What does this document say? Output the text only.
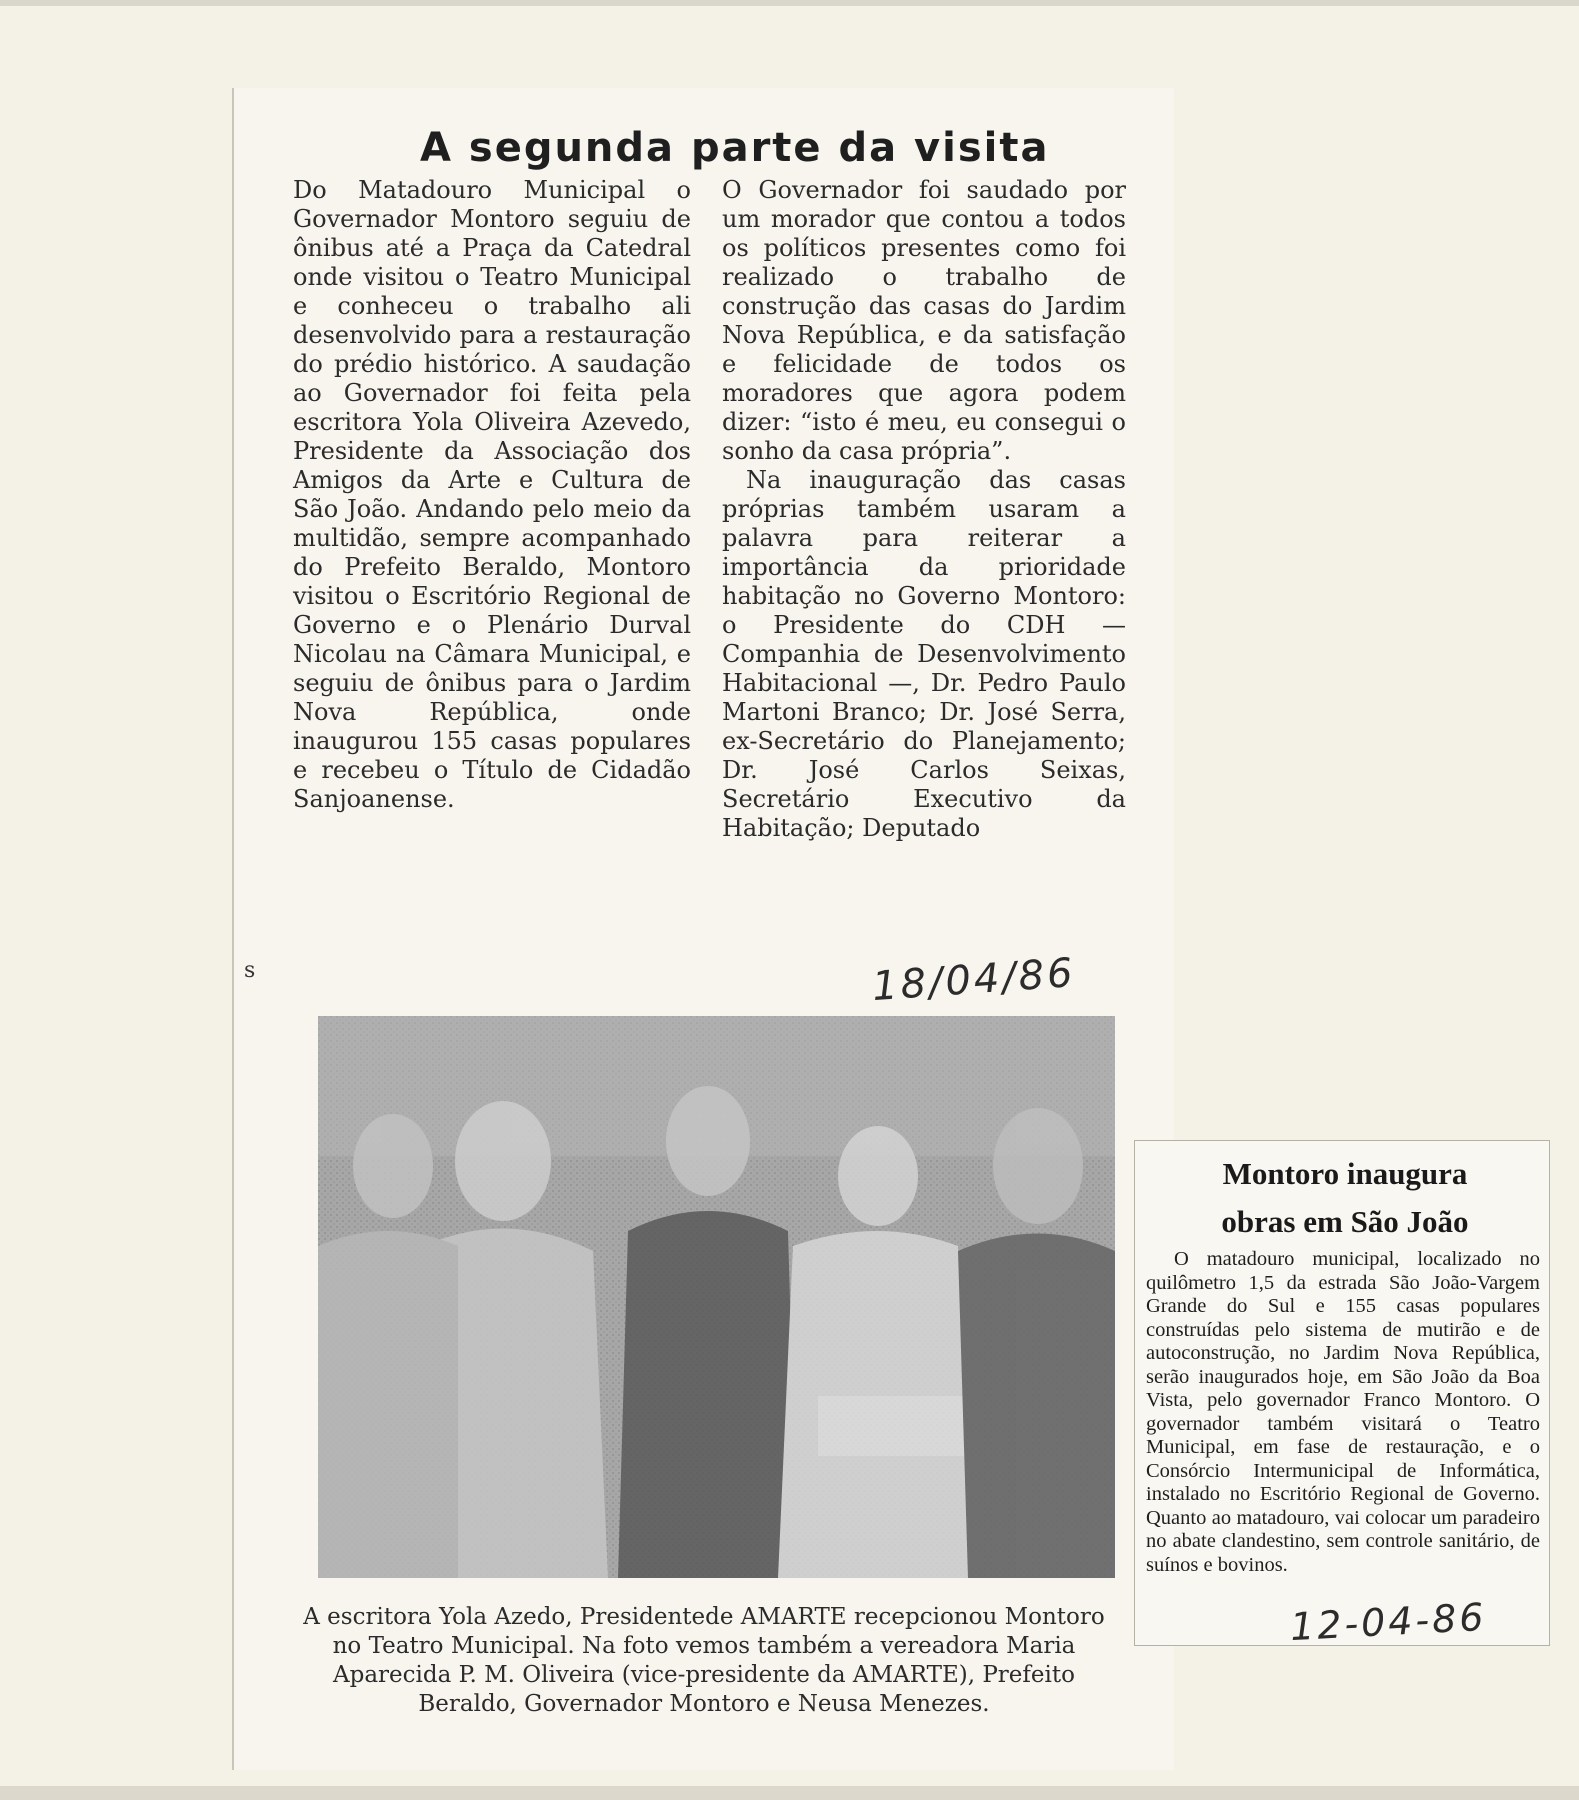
A segunda parte da visita

Do Matadouro Municipal o Governador Montoro seguiu de ônibus até a Praça da Catedral onde visitou o Teatro Municipal e conheceu o trabalho ali desenvolvido para a restauração do prédio histórico. A saudação ao Governador foi feita pela escritora Yola Oliveira Azevedo, Presidente da Associação dos Amigos da Arte e Cultura de São João. Andando pelo meio da multidão, sempre acompanhado do Prefeito Beraldo, Montoro visitou o Escritório Regional de Governo e o Plenário Durval Nicolau na Câmara Municipal, e seguiu de ônibus para o Jardim Nova República, onde inaugurou 155 casas populares e recebeu o Título de Cidadão Sanjoanense.

O Governador foi saudado por um morador que contou a todos os políticos presentes como foi realizado o trabalho de construção das casas do Jardim Nova República, e da satisfação e felicidade de todos os moradores que agora podem dizer: “isto é meu, eu consegui o sonho da casa própria”.

Na inauguração das casas próprias também usaram a palavra para reiterar a importância da prioridade habitação no Governo Montoro: o Presidente do CDH — Companhia de Desenvolvimento Habitacional —, Dr. Pedro Paulo Martoni Branco; Dr. José Serra, ex-Secretário do Planejamento; Dr. José Carlos Seixas, Secretário Executivo da Habitação; Deputado

s	18/04/86

A escritora Yola Azedo, Presidentede AMARTE recepcionou Montoro no Teatro Municipal. Na foto vemos também a vereadora Maria Aparecida P. M. Oliveira (vice-presidente da AMARTE), Prefeito Beraldo, Governador Montoro e Neusa Menezes.

Montoro inaugura
obras em São João

O matadouro municipal, localizado no quilômetro 1,5 da estrada São João-Vargem Grande do Sul e 155 casas populares construídas pelo sistema de mutirão e de autoconstrução, no Jardim Nova República, serão inaugurados hoje, em São João da Boa Vista, pelo governador Franco Montoro. O governador também visitará o Teatro Municipal, em fase de restauração, e o Consórcio Intermunicipal de Informática, instalado no Escritório Regional de Governo. Quanto ao matadouro, vai colocar um paradeiro no abate clandestino, sem controle sanitário, de suínos e bovinos.

12-04-86
